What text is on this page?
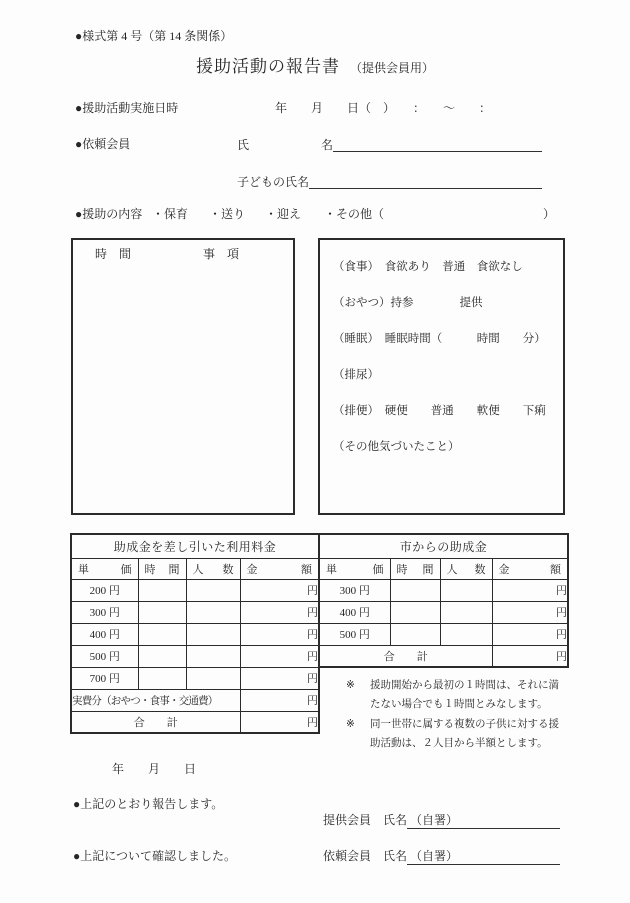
●様式第 4 号（第 14 条関係）
援助活動の報告書 （提供会員用）
●援助活動実施日時	年　　月　　日（　）　　：　　～　　：
●依頼会員	氏　　　　　　名
子どもの氏名
●援助の内容 ・保育 ・送り ・迎え ・その他（	）
時　間	事　項
（食事）　食欲あり　普通　食欲なし
（おやつ）持参　　　　提供
（睡眠）　睡眠時間（　　　時間　　分）
（排尿）
（排便）　硬便　　普通　　軟便　　下痢
（その他気づいたこと）
助成金を差し引いた利用料金			
単　価	時　間	人　数	金　額
200 円			円
300 円			円
400 円			円
500 円			円
700 円			円
実費分（おやつ・食事・交通費）			円
合　　計			円
市からの助成金			
単　価	時　間	人　数	金　額
300 円			円
400 円			円
500 円			円
合　　計			円
※	援助開始から最初の１時間は、それに満たない場合でも１時間とみなします。
※	同一世帯に属する複数の子供に対する援助活動は、２人目から半額とします。
年　　月　　日
●上記のとおり報告します。
提供会員　氏名 （自署）
●上記について確認しました。	依頼会員　氏名 （自署）
